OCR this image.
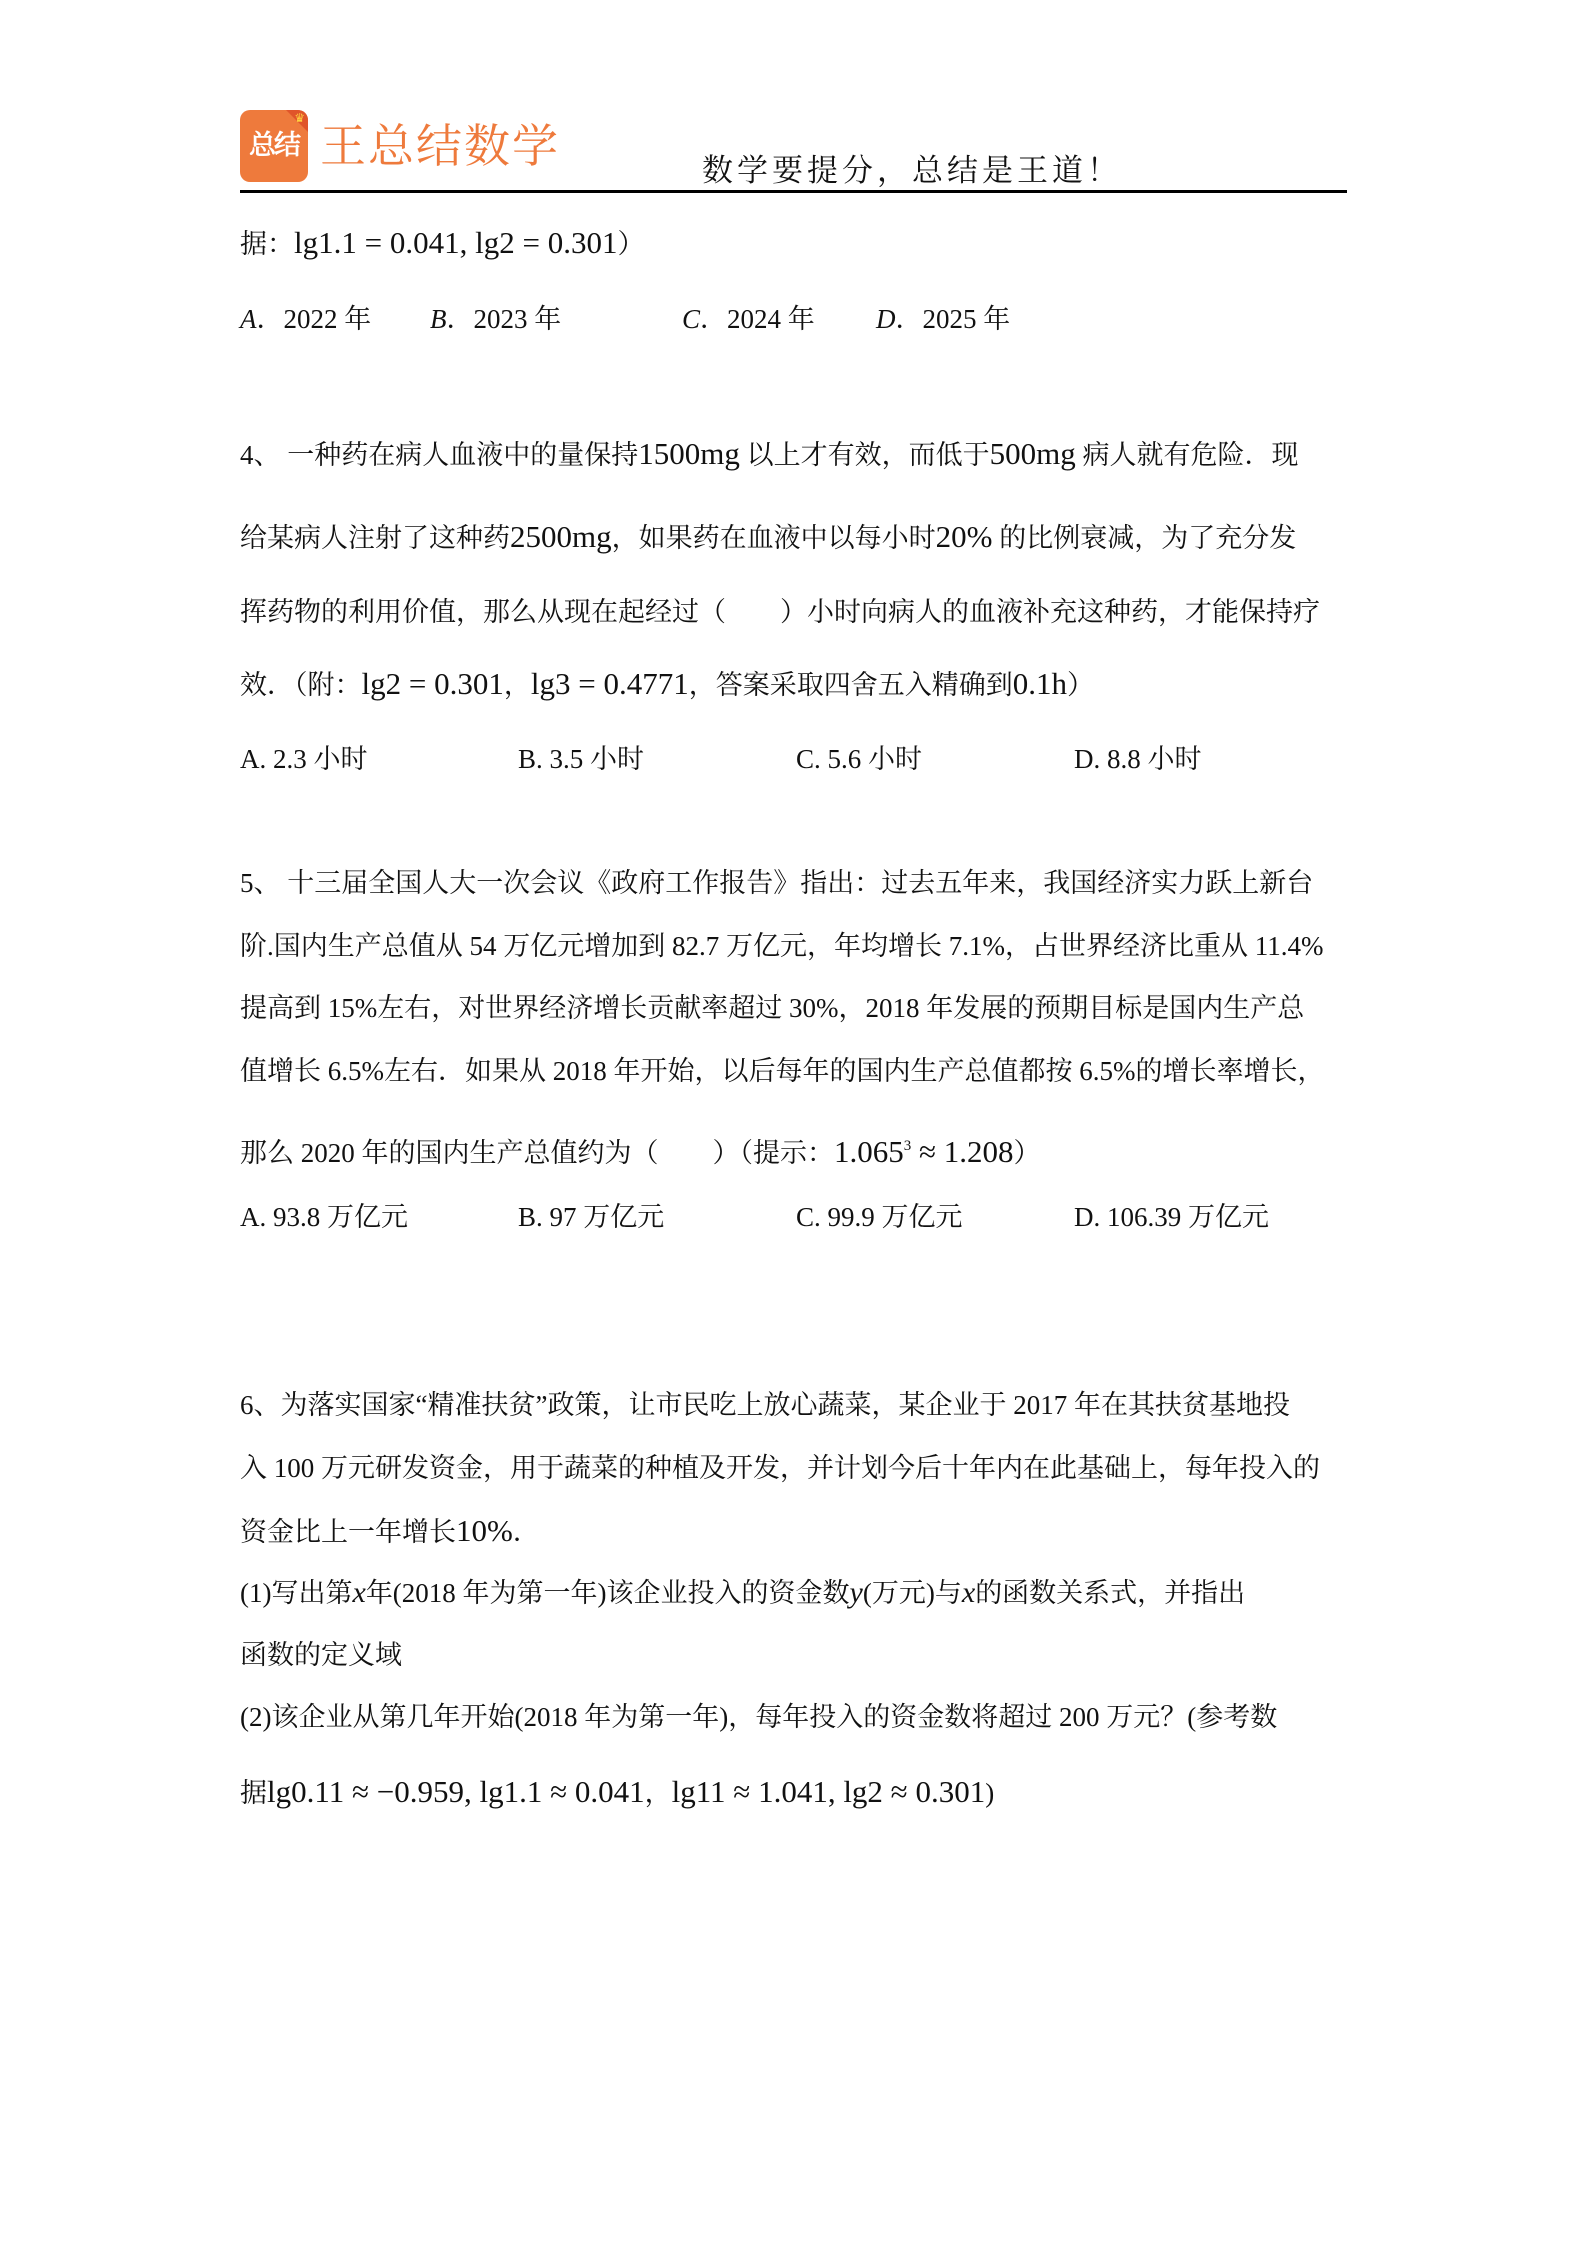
♛
总结 王总结数学	数学要提分，总结是王道！
据：lg1.1 = 0.041, lg2 = 0.301）
A．2022 年 B．2023 年	C．2024 年 D．2025 年
4、 一种药在病人血液中的量保持1500mg 以上才有效，而低于500mg 病人就有危险．现
给某病人注射了这种药2500mg，如果药在血液中以每小时20% 的比例衰减，为了充分发
挥药物的利用价值，那么从现在起经过（　　）小时向病人的血液补充这种药，才能保持疗
效．（附：lg2 = 0.301，lg3 = 0.4771，答案采取四舍五入精确到0.1h）
A. 2.3 小时	B. 3.5 小时	C. 5.6 小时	D. 8.8 小时
5、 十三届全国人大一次会议《政府工作报告》指出：过去五年来，我国经济实力跃上新台
阶.国内生产总值从 54 万亿元增加到 82.7 万亿元，年均增长 7.1%，占世界经济比重从 11.4%
提高到 15%左右，对世界经济增长贡献率超过 30%，2018 年发展的预期目标是国内生产总
值增长 6.5%左右．如果从 2018 年开始，以后每年的国内生产总值都按 6.5%的增长率增长，
那么 2020 年的国内生产总值约为（　　）（提示：$1.065^3 \approx 1.208$）
A. 93.8 万亿元	B. 97 万亿元	C. 99.9 万亿元	D. 106.39 万亿元
6、为落实国家“精准扶贫”政策，让市民吃上放心蔬菜，某企业于 2017 年在其扶贫基地投
入 100 万元研发资金，用于蔬菜的种植及开发，并计划今后十年内在此基础上，每年投入的
资金比上一年增长10%．
(1)写出第x年(2018 年为第一年)该企业投入的资金数y(万元)与x的函数关系式，并指出
函数的定义域
(2)该企业从第几年开始(2018 年为第一年)，每年投入的资金数将超过 200 万元？(参考数
据lg0.11 ≈ −0.959, lg1.1 ≈ 0.041，lg11 ≈ 1.041, lg2 ≈ 0.301)
